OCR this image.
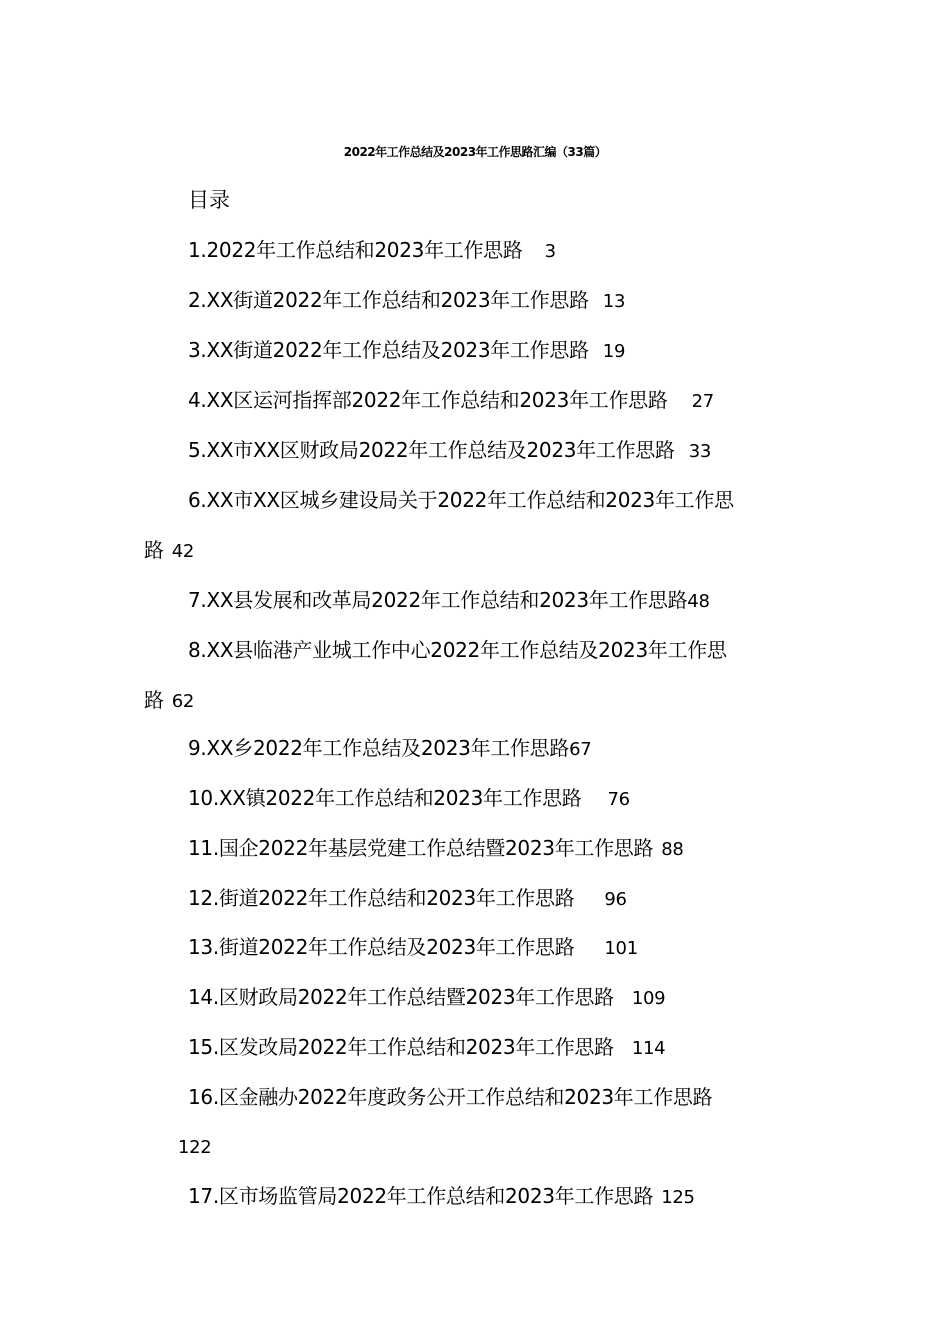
2022年工作总结及2023年工作思路汇编（33篇）
目录
1.2022年工作总结和2023年工作思路 3
2.XX街道2022年工作总结和2023年工作思路 13
3.XX街道2022年工作总结及2023年工作思路 19
4.XX区运河指挥部2022年工作总结和2023年工作思路 27
5.XX市XX区财政局2022年工作总结及2023年工作思路 33
6.XX市XX区城乡建设局关于2022年工作总结和2023年工作思
路 42
7.XX县发展和改革局2022年工作总结和2023年工作思路48
8.XX县临港产业城工作中心2022年工作总结及2023年工作思
路 62
9.XX乡2022年工作总结及2023年工作思路67
10.XX镇2022年工作总结和2023年工作思路 76
11.国企2022年基层党建工作总结暨2023年工作思路 88
12.街道2022年工作总结和2023年工作思路 96
13.街道2022年工作总结及2023年工作思路 101
14.区财政局2022年工作总结暨2023年工作思路 109
15.区发改局2022年工作总结和2023年工作思路 114
16.区金融办2022年度政务公开工作总结和2023年工作思路
122
17.区市场监管局2022年工作总结和2023年工作思路 125
